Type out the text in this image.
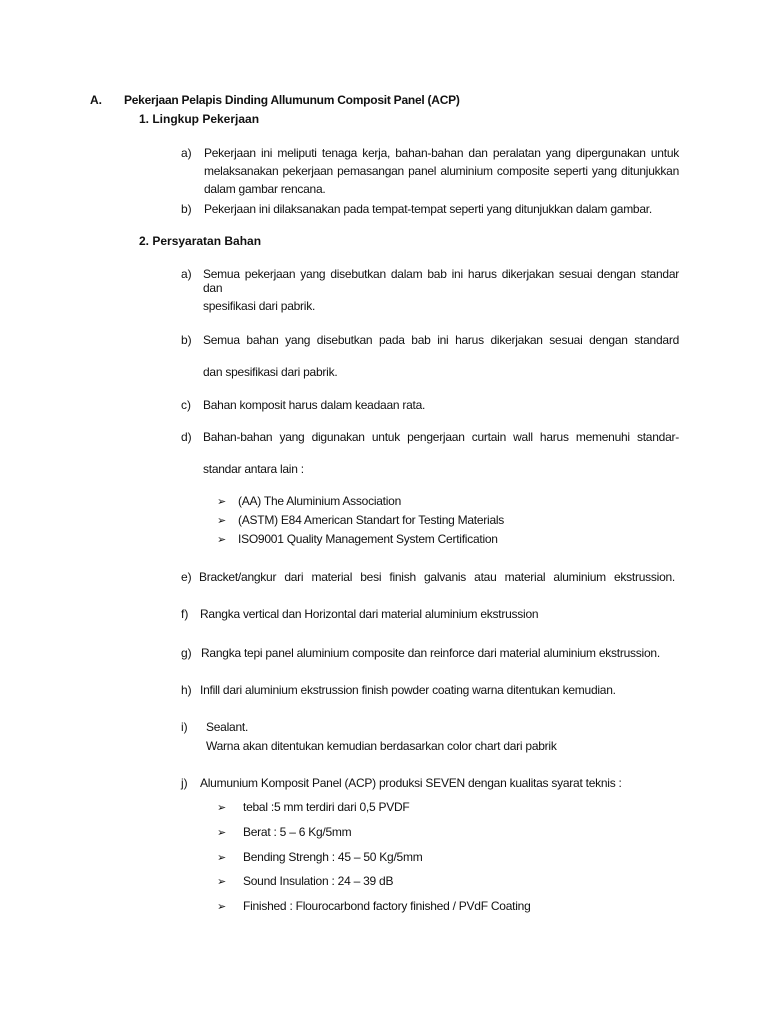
A. Pekerjaan Pelapis Dinding Allumunum Composit Panel (ACP)
1. Lingkup Pekerjaan
a) Pekerjaan ini meliputi tenaga kerja, bahan-bahan dan peralatan yang dipergunakan untuk
melaksanakan pekerjaan pemasangan panel aluminium composite seperti yang ditunjukkan
dalam gambar rencana.
b) Pekerjaan ini dilaksanakan pada tempat-tempat seperti yang ditunjukkan dalam gambar.
2. Persyaratan Bahan
a) Semua pekerjaan yang disebutkan dalam bab ini harus dikerjakan sesuai dengan standar dan
spesifikasi dari pabrik.
b) Semua bahan yang disebutkan pada bab ini harus dikerjakan sesuai dengan standard
dan spesifikasi dari pabrik.
c) Bahan komposit harus dalam keadaan rata.
d) Bahan-bahan yang digunakan untuk pengerjaan curtain wall harus memenuhi standar-
standar antara lain :
➢ (AA) The Aluminium Association
➢ (ASTM) E84 American Standart for Testing Materials
➢ ISO9001 Quality Management System Certification
e) Bracket/angkur dari material besi finish galvanis atau material aluminium ekstrussion.
f) Rangka vertical dan Horizontal dari material aluminium ekstrussion
g) Rangka tepi panel aluminium composite dan reinforce dari material aluminium ekstrussion.
h) Infill dari aluminium ekstrussion finish powder coating warna ditentukan kemudian.
i) Sealant.
Warna akan ditentukan kemudian berdasarkan color chart dari pabrik
j) Alumunium Komposit Panel (ACP) produksi SEVEN dengan kualitas syarat teknis :
➢ tebal :5 mm terdiri dari 0,5 PVDF
➢ Berat : 5 – 6 Kg/5mm
➢ Bending Strengh : 45 – 50 Kg/5mm
➢ Sound Insulation : 24 – 39 dB
➢ Finished : Flourocarbond factory finished / PVdF Coating
